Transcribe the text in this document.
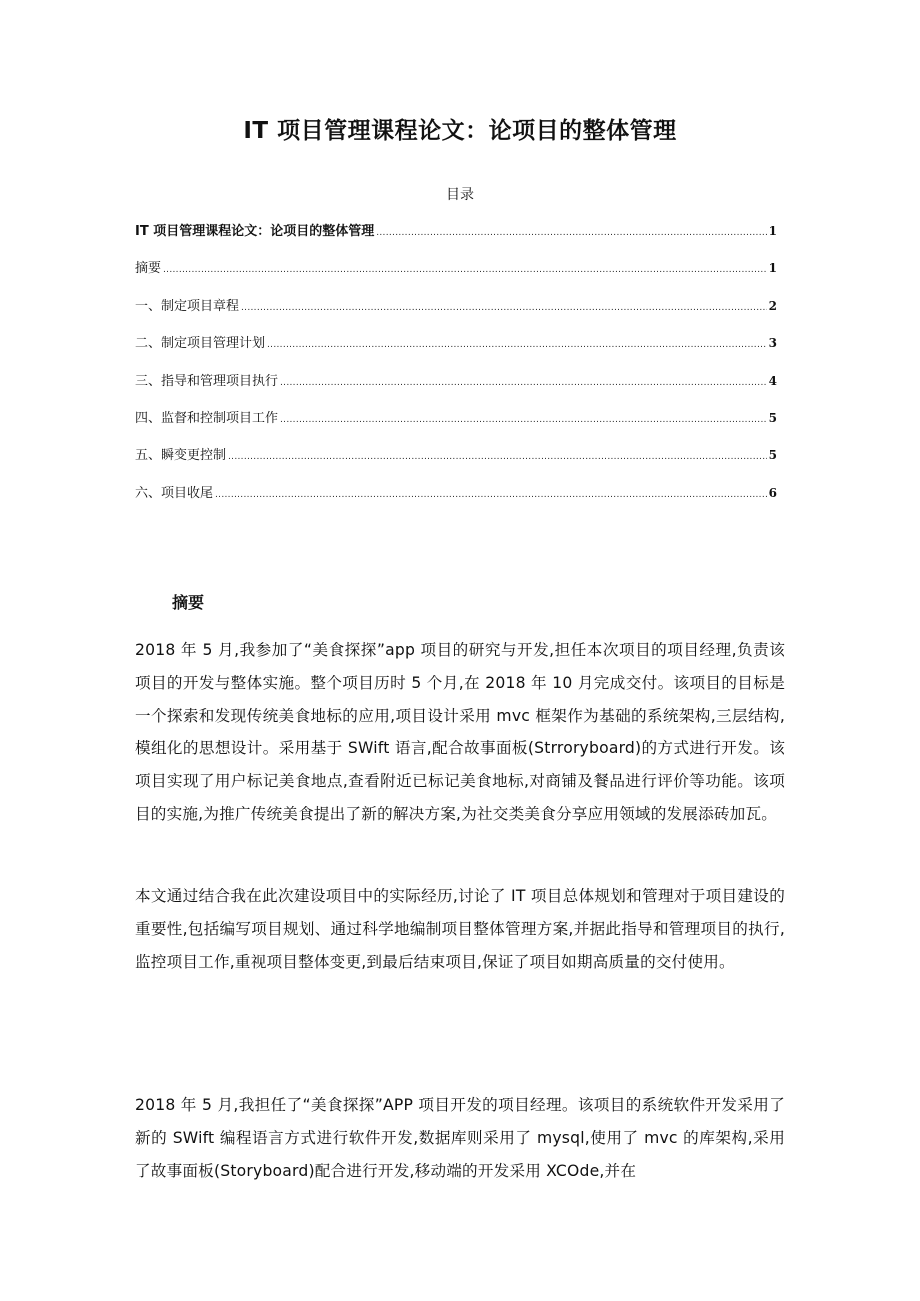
IT 项目管理课程论文：论项目的整体管理
目录
IT 项目管理课程论文：论项目的整体管理 .....	1
摘要 .....	1
一、制定项目章程 .....	2
二、制定项目管理计划 .....	3
三、指导和管理项目执行 .....	4
四、监督和控制项目工作 .....	5
五、瞬变更控制 .....	5
六、项目收尾 .....	6
摘要

2018 年 5 月,我参加了“美食探探”app 项目的研究与开发,担任本次项目的项目经理,负责该项目的开发与整体实施。整个项目历时 5 个月,在 2018 年 10 月完成交付。该项目的目标是一个探索和发现传统美食地标的应用,项目设计采用 mvc 框架作为基础的系统架构,三层结构,模组化的思想设计。采用基于 SWift 语言,配合故事面板(Strroryboard)的方式进行开发。该项目实现了用户标记美食地点,查看附近已标记美食地标,对商铺及餐品进行评价等功能。该项目的实施,为推广传统美食提出了新的解决方案,为社交类美食分享应用领域的发展添砖加瓦。

本文通过结合我在此次建设项目中的实际经历,讨论了 IT 项目总体规划和管理对于项目建设的重要性,包括编写项目规划、通过科学地编制项目整体管理方案,并据此指导和管理项目的执行,监控项目工作,重视项目整体变更,到最后结束项目,保证了项目如期高质量的交付使用。

2018 年 5 月,我担任了“美食探探”APP 项目开发的项目经理。该项目的系统软件开发采用了新的 SWift 编程语言方式进行软件开发,数据库则采用了 mysql,使用了 mvc 的库架构,采用了故事面板(Storyboard)配合进行开发,移动端的开发采用 XCOde,并在
